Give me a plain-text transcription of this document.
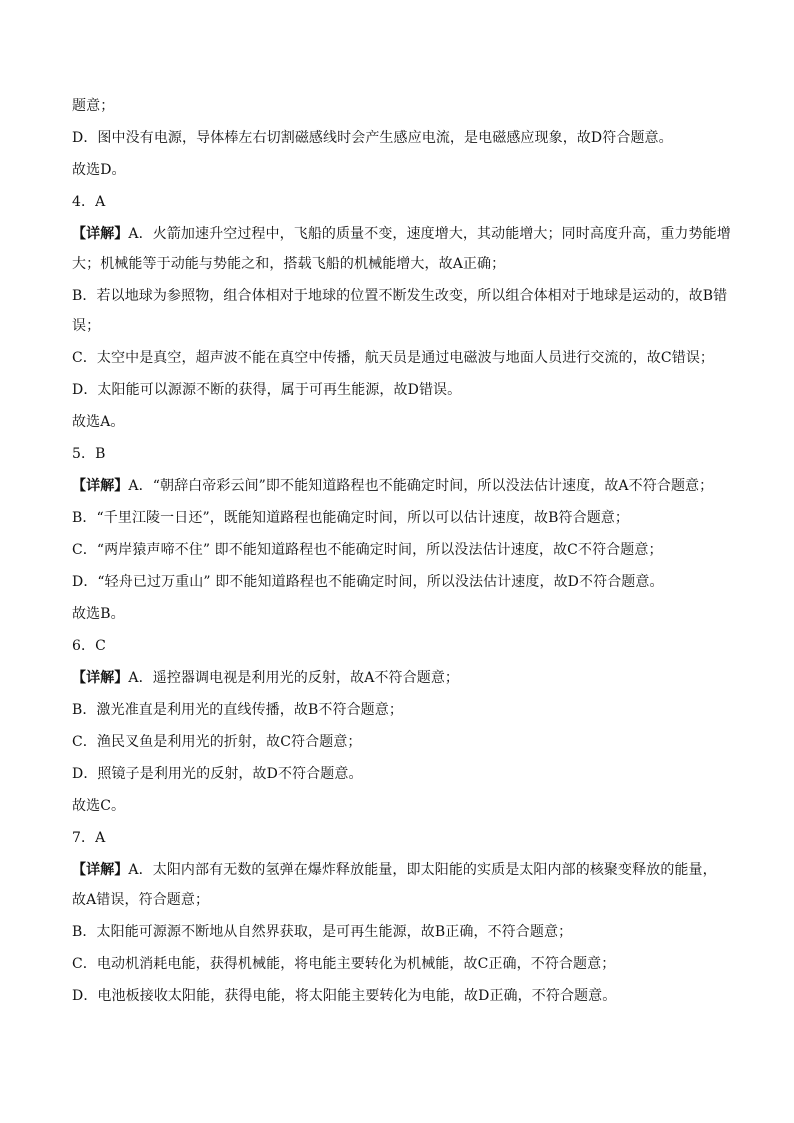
题意；
D．图中没有电源，导体棒左右切割磁感线时会产生感应电流，是电磁感应现象，故D符合题意。
故选D。
4．A
【详解】A．火箭加速升空过程中，飞船的质量不变，速度增大，其动能增大；同时高度升高，重力势能增
大；机械能等于动能与势能之和，搭载飞船的机械能增大，故A正确；
B．若以地球为参照物，组合体相对于地球的位置不断发生改变，所以组合体相对于地球是运动的，故B错
误；
C．太空中是真空，超声波不能在真空中传播，航天员是通过电磁波与地面人员进行交流的，故C错误；
D．太阳能可以源源不断的获得，属于可再生能源，故D错误。
故选A。
5．B
【详解】A．“朝辞白帝彩云间”即不能知道路程也不能确定时间，所以没法估计速度，故A不符合题意；
B．“千里江陵一日还”，既能知道路程也能确定时间，所以可以估计速度，故B符合题意；
C．“两岸猿声啼不住” 即不能知道路程也不能确定时间，所以没法估计速度，故C不符合题意；
D．“轻舟已过万重山” 即不能知道路程也不能确定时间，所以没法估计速度，故D不符合题意。
故选B。
6．C
【详解】A．遥控器调电视是利用光的反射，故A不符合题意；
B．激光准直是利用光的直线传播，故B不符合题意；
C．渔民叉鱼是利用光的折射，故C符合题意；
D．照镜子是利用光的反射，故D不符合题意。
故选C。
7．A
【详解】A．太阳内部有无数的氢弹在爆炸释放能量，即太阳能的实质是太阳内部的核聚变释放的能量，
故A错误，符合题意；
B．太阳能可源源不断地从自然界获取，是可再生能源，故B正确，不符合题意；
C．电动机消耗电能，获得机械能，将电能主要转化为机械能，故C正确，不符合题意；
D．电池板接收太阳能，获得电能，将太阳能主要转化为电能，故D正确，不符合题意。
